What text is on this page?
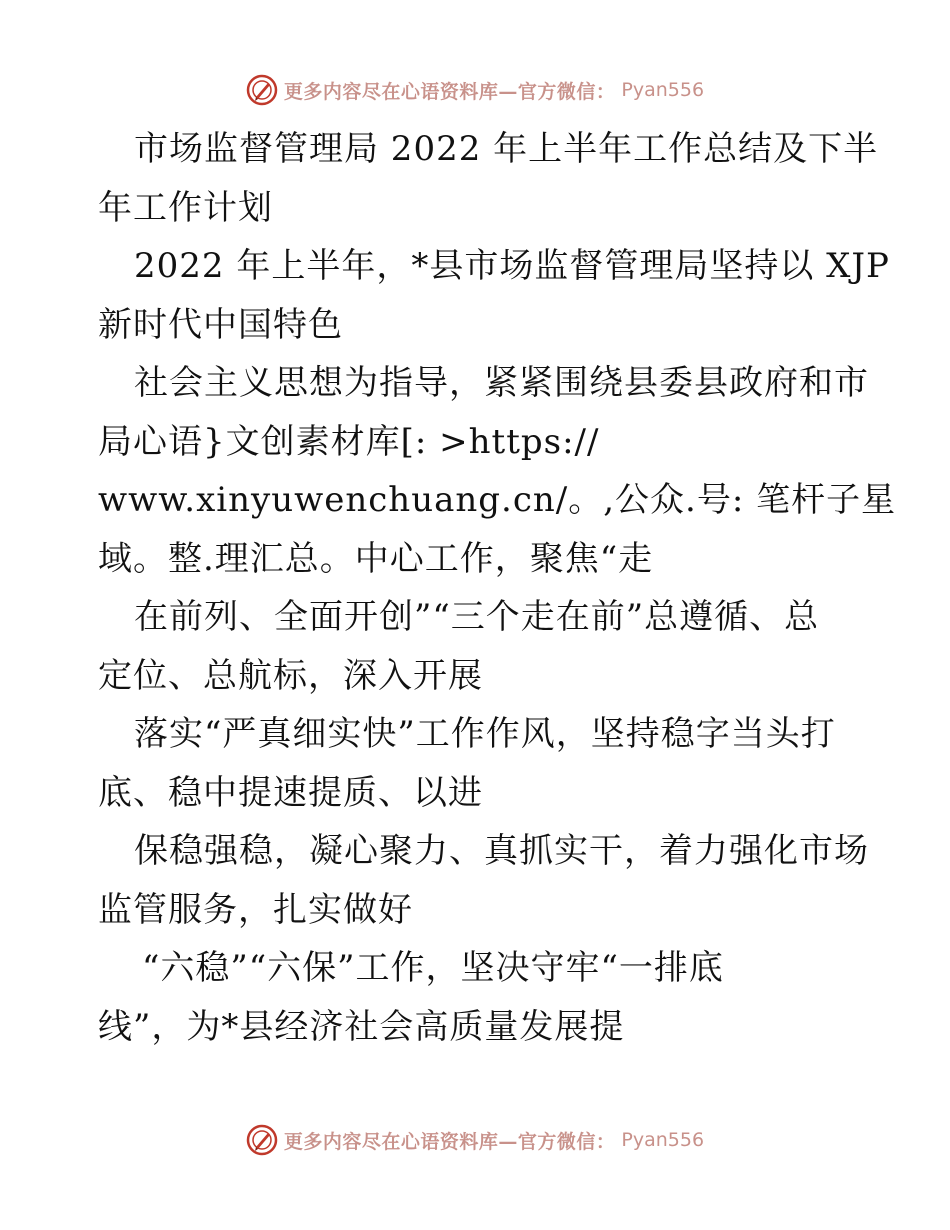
更多内容尽在心语资料库—官方微信： Pyan556
市场监督管理局 2022 年上半年工作总结及下半
年工作计划
2022 年上半年，*县市场监督管理局坚持以 XJP
新时代中国特色
社会主义思想为指导，紧紧围绕县委县政府和市
局心语}文创素材库[: >https://
www.xinyuwenchuang.cn/。,公众.号: 笔杆子星
域。整.理汇总。中心工作，聚焦“走
在前列、全面开创”“三个走在前”总遵循、总
定位、总航标，深入开展
落实“严真细实快”工作作风，坚持稳字当头打
底、稳中提速提质、以进
保稳强稳，凝心聚力、真抓实干，着力强化市场
监管服务，扎实做好
“六稳”“六保”工作，坚决守牢“一排底
线”，为*县经济社会高质量发展提
更多内容尽在心语资料库—官方微信： Pyan556
